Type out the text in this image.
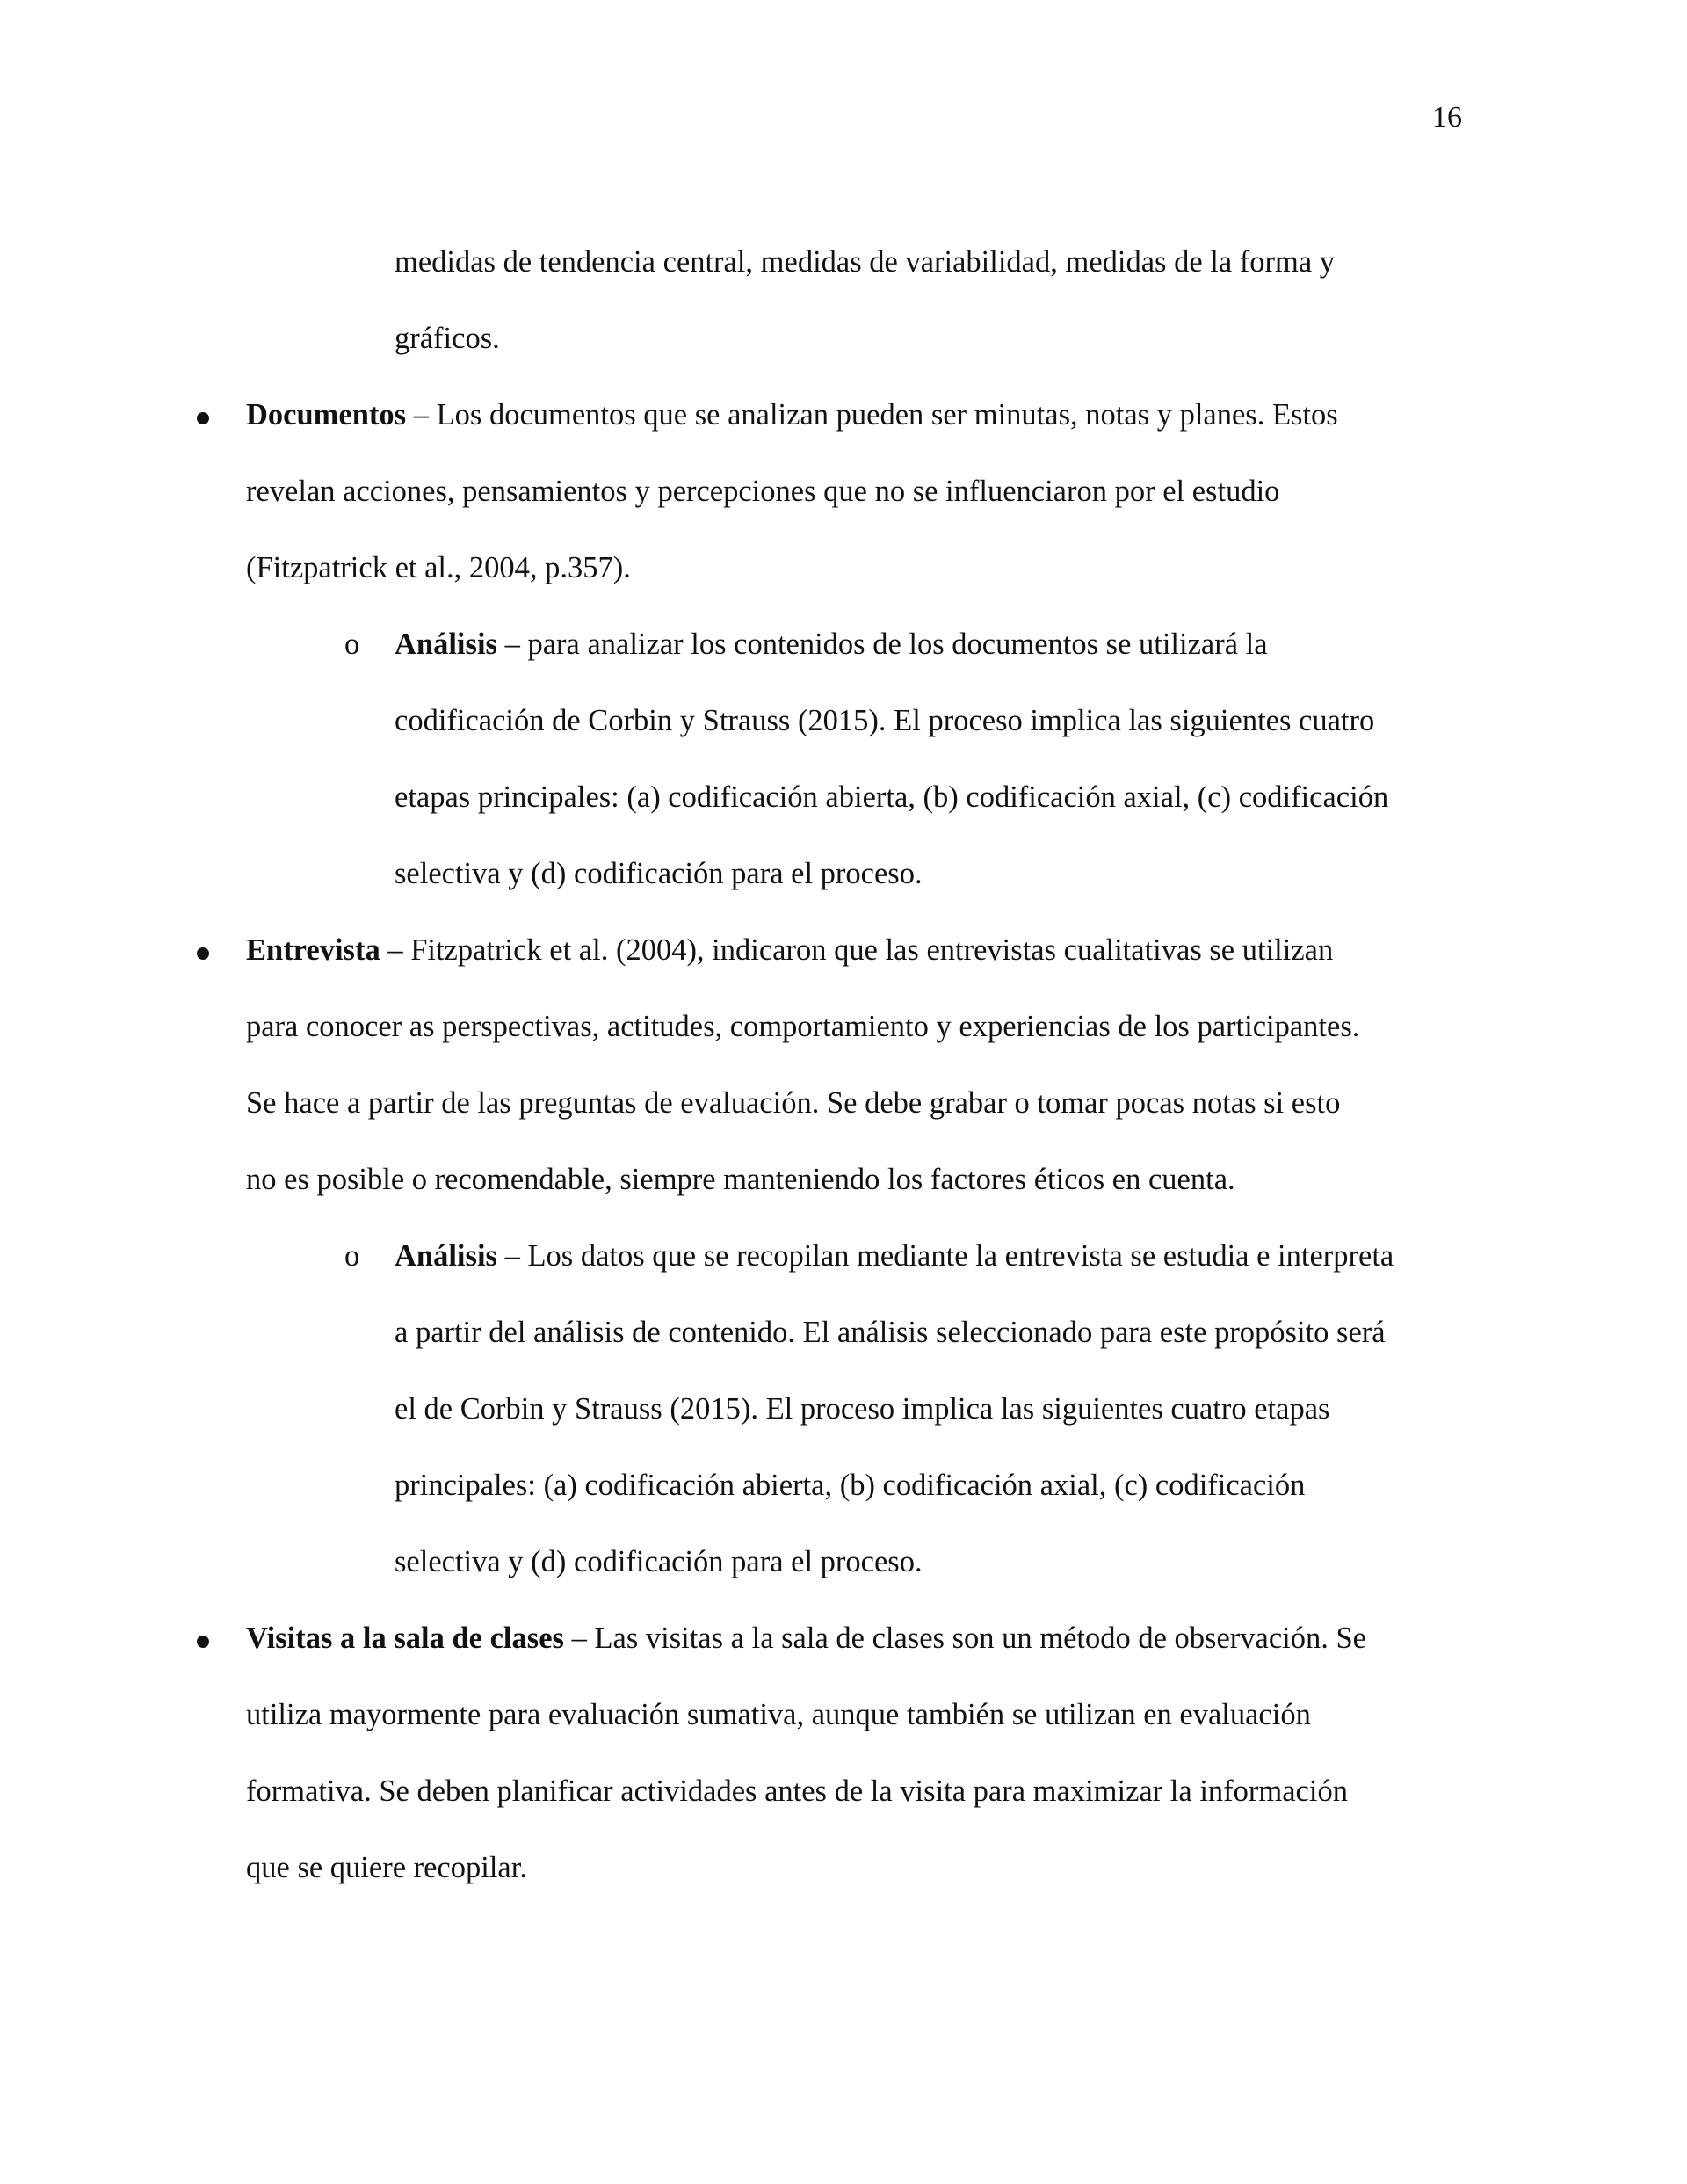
16
medidas de tendencia central, medidas de variabilidad, medidas de la forma y
gráficos.
Documentos – Los documentos que se analizan pueden ser minutas, notas y planes. Estos
revelan acciones, pensamientos y percepciones que no se influenciaron por el estudio
(Fitzpatrick et al., 2004, p.357).
o Análisis – para analizar los contenidos de los documentos se utilizará la
codificación de Corbin y Strauss (2015). El proceso implica las siguientes cuatro
etapas principales: (a) codificación abierta, (b) codificación axial, (c) codificación
selectiva y (d) codificación para el proceso.
Entrevista – Fitzpatrick et al. (2004), indicaron que las entrevistas cualitativas se utilizan
para conocer as perspectivas, actitudes, comportamiento y experiencias de los participantes.
Se hace a partir de las preguntas de evaluación. Se debe grabar o tomar pocas notas si esto
no es posible o recomendable, siempre manteniendo los factores éticos en cuenta.
o Análisis – Los datos que se recopilan mediante la entrevista se estudia e interpreta
a partir del análisis de contenido. El análisis seleccionado para este propósito será
el de Corbin y Strauss (2015). El proceso implica las siguientes cuatro etapas
principales: (a) codificación abierta, (b) codificación axial, (c) codificación
selectiva y (d) codificación para el proceso.
Visitas a la sala de clases – Las visitas a la sala de clases son un método de observación. Se
utiliza mayormente para evaluación sumativa, aunque también se utilizan en evaluación
formativa. Se deben planificar actividades antes de la visita para maximizar la información
que se quiere recopilar.
